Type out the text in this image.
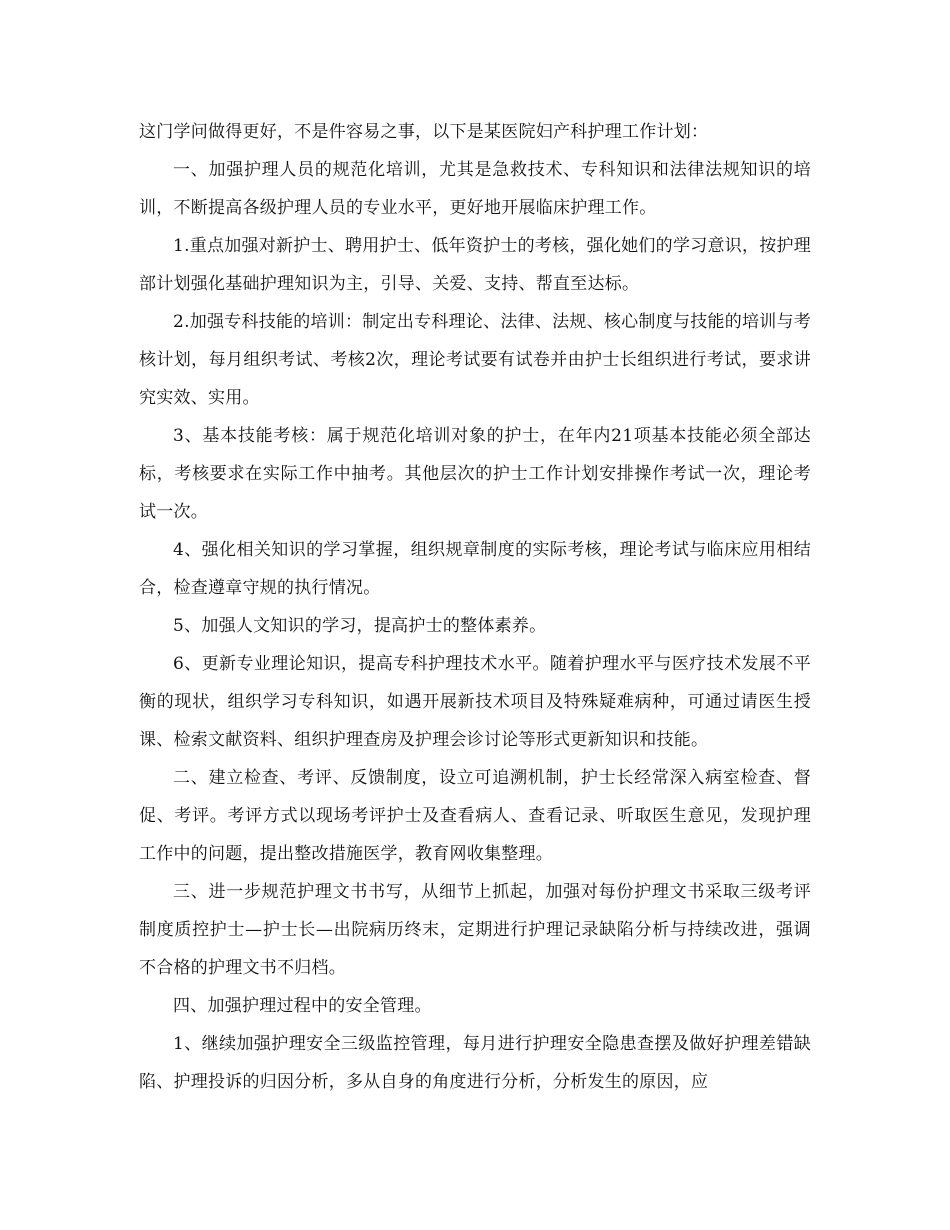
这门学问做得更好，不是件容易之事，以下是某医院妇产科护理工作计划：

一、加强护理人员的规范化培训，尤其是急救技术、专科知识和法律法规知识的培训，不断提高各级护理人员的专业水平，更好地开展临床护理工作。

1.重点加强对新护士、聘用护士、低年资护士的考核，强化她们的学习意识，按护理部计划强化基础护理知识为主，引导、关爱、支持、帮直至达标。

2.加强专科技能的培训：制定出专科理论、法律、法规、核心制度与技能的培训与考核计划，每月组织考试、考核2次，理论考试要有试卷并由护士长组织进行考试，要求讲究实效、实用。

3、基本技能考核：属于规范化培训对象的护士，在年内21项基本技能必须全部达标，考核要求在实际工作中抽考。其他层次的护士工作计划安排操作考试一次，理论考试一次。

4、强化相关知识的学习掌握，组织规章制度的实际考核，理论考试与临床应用相结合，检查遵章守规的执行情况。

5、加强人文知识的学习，提高护士的整体素养。

6、更新专业理论知识，提高专科护理技术水平。随着护理水平与医疗技术发展不平衡的现状，组织学习专科知识，如遇开展新技术项目及特殊疑难病种，可通过请医生授课、检索文献资料、组织护理查房及护理会诊讨论等形式更新知识和技能。

二、建立检查、考评、反馈制度，设立可追溯机制，护士长经常深入病室检查、督促、考评。考评方式以现场考评护士及查看病人、查看记录、听取医生意见，发现护理工作中的问题，提出整改措施医学，教育网收集整理。

三、进一步规范护理文书书写，从细节上抓起，加强对每份护理文书采取三级考评制度质控护士—护士长—出院病历终末，定期进行护理记录缺陷分析与持续改进，强调不合格的护理文书不归档。

四、加强护理过程中的安全管理。

1、继续加强护理安全三级监控管理，每月进行护理安全隐患查摆及做好护理差错缺陷、护理投诉的归因分析，多从自身的角度进行分析，分析发生的原因，应
